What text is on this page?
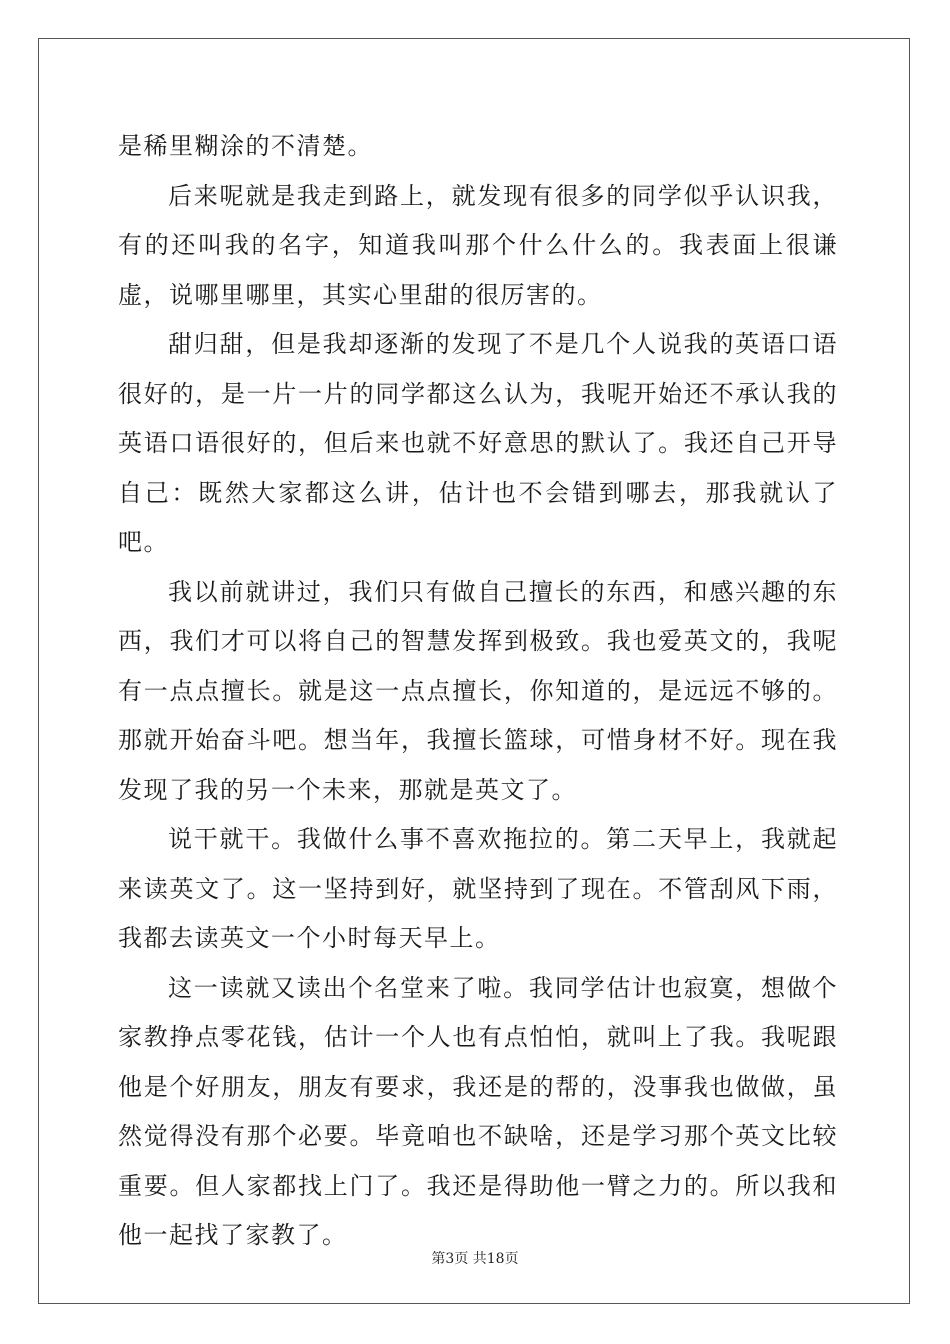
是稀里糊涂的不清楚。

后来呢就是我走到路上，就发现有很多的同学似乎认识我，有的还叫我的名字，知道我叫那个什么什么的。我表面上很谦虚，说哪里哪里，其实心里甜的很厉害的。

甜归甜，但是我却逐渐的发现了不是几个人说我的英语口语很好的，是一片一片的同学都这么认为，我呢开始还不承认我的英语口语很好的，但后来也就不好意思的默认了。我还自己开导自己：既然大家都这么讲，估计也不会错到哪去，那我就认了吧。

我以前就讲过，我们只有做自己擅长的东西，和感兴趣的东西，我们才可以将自己的智慧发挥到极致。我也爱英文的，我呢有一点点擅长。就是这一点点擅长，你知道的，是远远不够的。那就开始奋斗吧。想当年，我擅长篮球，可惜身材不好。现在我发现了我的另一个未来，那就是英文了。

说干就干。我做什么事不喜欢拖拉的。第二天早上，我就起来读英文了。这一坚持到好，就坚持到了现在。不管刮风下雨，我都去读英文一个小时每天早上。

这一读就又读出个名堂来了啦。我同学估计也寂寞，想做个家教挣点零花钱，估计一个人也有点怕怕，就叫上了我。我呢跟他是个好朋友，朋友有要求，我还是的帮的，没事我也做做，虽然觉得没有那个必要。毕竟咱也不缺啥，还是学习那个英文比较重要。但人家都找上门了。我还是得助他一臂之力的。所以我和他一起找了家教了。

第3页 共18页
